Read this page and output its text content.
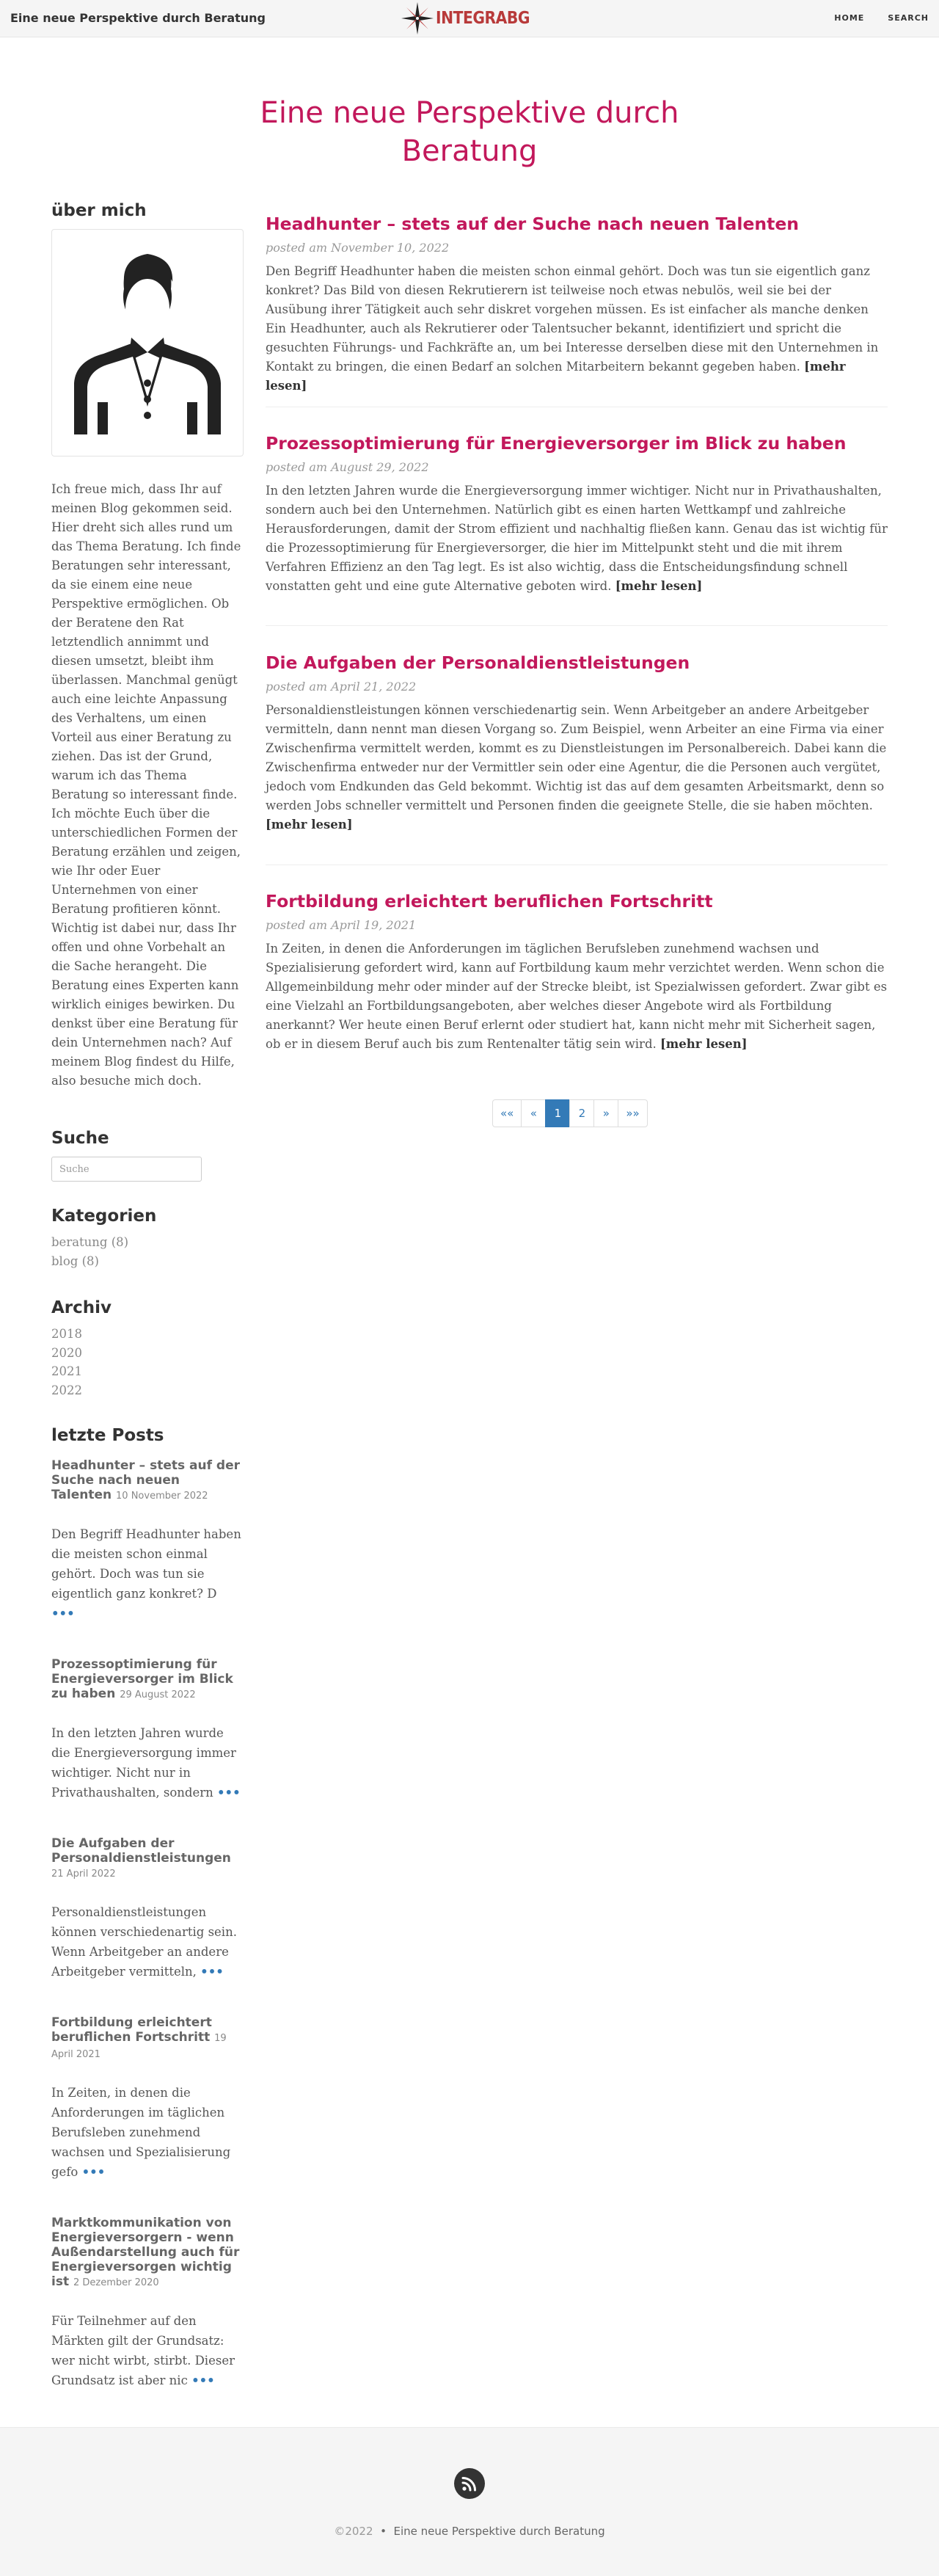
Eine neue Perspektive durch Beratung	INTEGRABG	HOME	SEARCH
Eine neue Perspektive durch
Beratung
über mich

Ich freue mich, dass Ihr auf meinen Blog gekommen seid. Hier dreht sich alles rund um das Thema Beratung. Ich finde Beratungen sehr interessant, da sie einem eine neue Perspektive ermöglichen. Ob der Beratene den Rat letztendlich annimmt und diesen umsetzt, bleibt ihm überlassen. Manchmal genügt auch eine leichte Anpassung des Verhaltens, um einen Vorteil aus einer Beratung zu ziehen. Das ist der Grund, warum ich das Thema Beratung so interessant finde. Ich möchte Euch über die unterschiedlichen Formen der Beratung erzählen und zeigen, wie Ihr oder Euer Unternehmen von einer Beratung profitieren könnt. Wichtig ist dabei nur, dass Ihr offen und ohne Vorbehalt an die Sache herangeht. Die Beratung eines Experten kann wirklich einiges bewirken. Du denkst über eine Beratung für dein Unternehmen nach? Auf meinem Blog findest du Hilfe, also besuche mich doch.

Suche
Suche
Kategorien
beratung (8)
blog (8)
Archiv
2018
2020
2021
2022
letzte Posts
Headhunter – stets auf der Suche nach neuen Talenten 10 November 2022

Den Begriff Headhunter haben die meisten schon einmal gehört. Doch was tun sie eigentlich ganz konkret? D •••

Prozessoptimierung für Energieversorger im Blick zu haben 29 August 2022

In den letzten Jahren wurde die Energieversorgung immer wichtiger. Nicht nur in Privathaushalten, sondern •••

Die Aufgaben der Personaldienstleistungen 21 April 2022

Personaldienstleistungen können verschiedenartig sein. Wenn Arbeitgeber an andere Arbeitgeber vermitteln, •••

Fortbildung erleichtert beruflichen Fortschritt 19 April 2021

In Zeiten, in denen die Anforderungen im täglichen Berufsleben zunehmend wachsen und Spezialisierung gefo •••

Marktkommunikation von Energieversorgern - wenn Außendarstellung auch für Energieversorgen wichtig ist 2 Dezember 2020

Für Teilnehmer auf den Märkten gilt der Grundsatz: wer nicht wirbt, stirbt. Dieser Grundsatz ist aber nic •••

Headhunter – stets auf der Suche nach neuen Talenten

posted am November 10, 2022

Den Begriff Headhunter haben die meisten schon einmal gehört. Doch was tun sie eigentlich ganz konkret? Das Bild von diesen Rekrutierern ist teilweise noch etwas nebulös, weil sie bei der Ausübung ihrer Tätigkeit auch sehr diskret vorgehen müssen. Es ist einfacher als manche denken Ein Headhunter, auch als Rekrutierer oder Talentsucher bekannt, identifiziert und spricht die gesuchten Führungs- und Fachkräfte an, um bei Interesse derselben diese mit den Unternehmen in Kontakt zu bringen, die einen Bedarf an solchen Mitarbeitern bekannt gegeben haben. [mehr lesen]

Prozessoptimierung für Energieversorger im Blick zu haben

posted am August 29, 2022

In den letzten Jahren wurde die Energieversorgung immer wichtiger. Nicht nur in Privathaushalten, sondern auch bei den Unternehmen. Natürlich gibt es einen harten Wettkampf und zahlreiche Herausforderungen, damit der Strom effizient und nachhaltig fließen kann. Genau das ist wichtig für die Prozessoptimierung für Energieversorger, die hier im Mittelpunkt steht und die mit ihrem Verfahren Effizienz an den Tag legt. Es ist also wichtig, dass die Entscheidungsfindung schnell vonstatten geht und eine gute Alternative geboten wird. [mehr lesen]

Die Aufgaben der Personaldienstleistungen

posted am April 21, 2022

Personaldienstleistungen können verschiedenartig sein. Wenn Arbeitgeber an andere Arbeitgeber vermitteln, dann nennt man diesen Vorgang so. Zum Beispiel, wenn Arbeiter an eine Firma via einer Zwischenfirma vermittelt werden, kommt es zu Dienstleistungen im Personalbereich. Dabei kann die Zwischenfirma entweder nur der Vermittler sein oder eine Agentur, die die Personen auch vergütet, jedoch vom Endkunden das Geld bekommt. Wichtig ist das auf dem gesamten Arbeitsmarkt, denn so werden Jobs schneller vermittelt und Personen finden die geeignete Stelle, die sie haben möchten. [mehr lesen]

Fortbildung erleichtert beruflichen Fortschritt

posted am April 19, 2021

In Zeiten, in denen die Anforderungen im täglichen Berufsleben zunehmend wachsen und Spezialisierung gefordert wird, kann auf Fortbildung kaum mehr verzichtet werden. Wenn schon die Allgemeinbildung mehr oder minder auf der Strecke bleibt, ist Spezialwissen gefordert. Zwar gibt es eine Vielzahl an Fortbildungsangeboten, aber welches dieser Angebote wird als Fortbildung anerkannt? Wer heute einen Beruf erlernt oder studiert hat, kann nicht mehr mit Sicherheit sagen, ob er in diesem Beruf auch bis zum Rentenalter tätig sein wird. [mehr lesen]

««	«	1	2	»	»»
©2022 • Eine neue Perspektive durch Beratung
